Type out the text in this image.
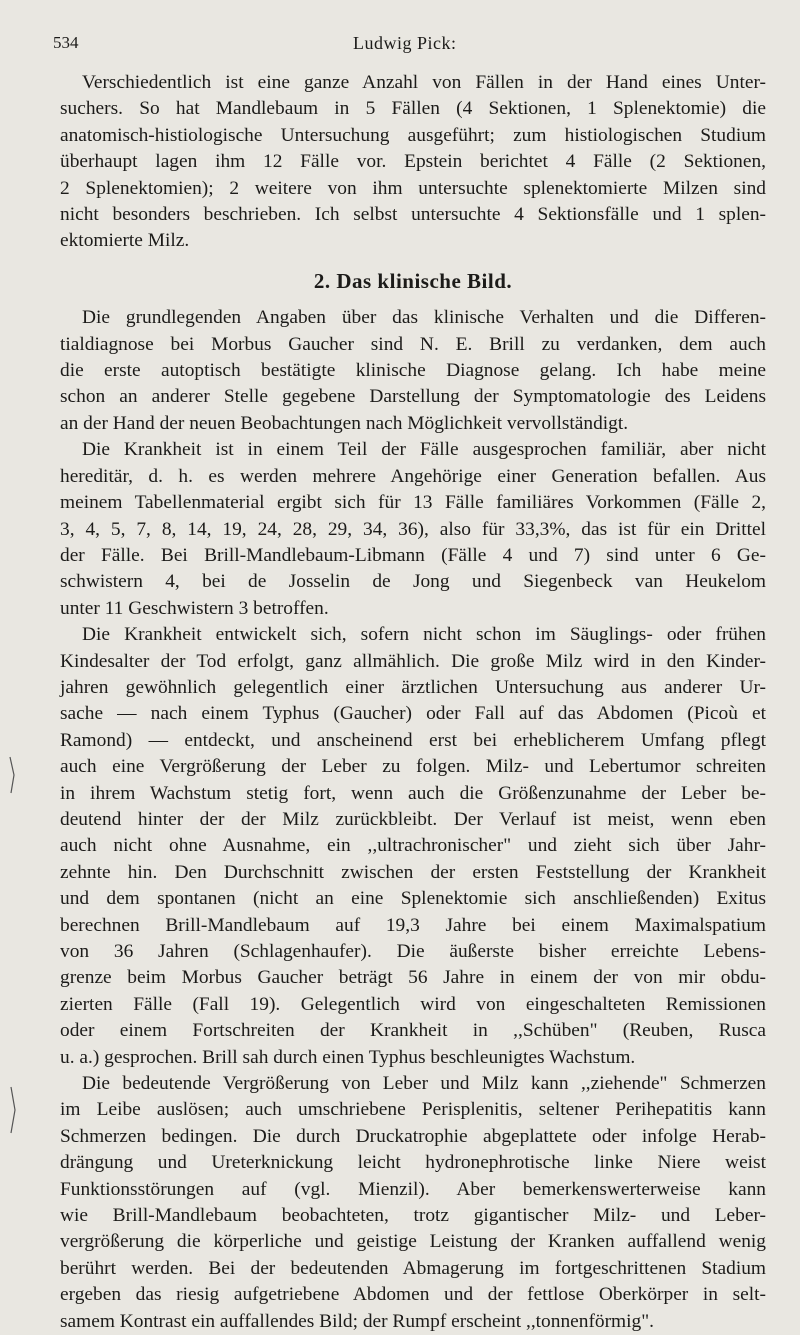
534	Ludwig Pick:
Verschiedentlich ist eine ganze Anzahl von Fällen in der Hand eines Unter-
suchers. So hat Mandlebaum in 5 Fällen (4 Sektionen, 1 Splenektomie) die
anatomisch-histiologische Untersuchung ausgeführt; zum histiologischen Studium
überhaupt lagen ihm 12 Fälle vor. Epstein berichtet 4 Fälle (2 Sektionen,
2 Splenektomien); 2 weitere von ihm untersuchte splenektomierte Milzen sind
nicht besonders beschrieben. Ich selbst untersuchte 4 Sektionsfälle und 1 splen-
ektomierte Milz.
2. Das klinische Bild.
Die grundlegenden Angaben über das klinische Verhalten und die Differen-
tialdiagnose bei Morbus Gaucher sind N. E. Brill zu verdanken, dem auch
die erste autoptisch bestätigte klinische Diagnose gelang. Ich habe meine
schon an anderer Stelle gegebene Darstellung der Symptomatologie des Leidens
an der Hand der neuen Beobachtungen nach Möglichkeit vervollständigt.
Die Krankheit ist in einem Teil der Fälle ausgesprochen familiär, aber nicht
hereditär, d. h. es werden mehrere Angehörige einer Generation befallen. Aus
meinem Tabellenmaterial ergibt sich für 13 Fälle familiäres Vorkommen (Fälle 2,
3, 4, 5, 7, 8, 14, 19, 24, 28, 29, 34, 36), also für 33,3%, das ist für ein Drittel
der Fälle. Bei Brill-Mandlebaum-Libmann (Fälle 4 und 7) sind unter 6 Ge-
schwistern 4, bei de Josselin de Jong und Siegenbeck van Heukelom
unter 11 Geschwistern 3 betroffen.
Die Krankheit entwickelt sich, sofern nicht schon im Säuglings- oder frühen
Kindesalter der Tod erfolgt, ganz allmählich. Die große Milz wird in den Kinder-
jahren gewöhnlich gelegentlich einer ärztlichen Untersuchung aus anderer Ur-
sache — nach einem Typhus (Gaucher) oder Fall auf das Abdomen (Picoù et
Ramond) — entdeckt, und anscheinend erst bei erheblicherem Umfang pflegt
auch eine Vergrößerung der Leber zu folgen. Milz- und Lebertumor schreiten
in ihrem Wachstum stetig fort, wenn auch die Größenzunahme der Leber be-
deutend hinter der der Milz zurückbleibt. Der Verlauf ist meist, wenn eben
auch nicht ohne Ausnahme, ein ,,ultrachronischer" und zieht sich über Jahr-
zehnte hin. Den Durchschnitt zwischen der ersten Feststellung der Krankheit
und dem spontanen (nicht an eine Splenektomie sich anschließenden) Exitus
berechnen Brill-Mandlebaum auf 19,3 Jahre bei einem Maximalspatium
von 36 Jahren (Schlagenhaufer). Die äußerste bisher erreichte Lebens-
grenze beim Morbus Gaucher beträgt 56 Jahre in einem der von mir obdu-
zierten Fälle (Fall 19). Gelegentlich wird von eingeschalteten Remissionen
oder einem Fortschreiten der Krankheit in ,,Schüben" (Reuben, Rusca
u. a.) gesprochen. Brill sah durch einen Typhus beschleunigtes Wachstum.
Die bedeutende Vergrößerung von Leber und Milz kann ,,ziehende" Schmerzen
im Leibe auslösen; auch umschriebene Perisplenitis, seltener Perihepatitis kann
Schmerzen bedingen. Die durch Druckatrophie abgeplattete oder infolge Herab-
drängung und Ureterknickung leicht hydronephrotische linke Niere weist
Funktionsstörungen auf (vgl. Mienzil). Aber bemerkenswerterweise kann
wie Brill-Mandlebaum beobachteten, trotz gigantischer Milz- und Leber-
vergrößerung die körperliche und geistige Leistung der Kranken auffallend wenig
berührt werden. Bei der bedeutenden Abmagerung im fortgeschrittenen Stadium
ergeben das riesig aufgetriebene Abdomen und der fettlose Oberkörper in selt-
samem Kontrast ein auffallendes Bild; der Rumpf erscheint ,,tonnenförmig".
